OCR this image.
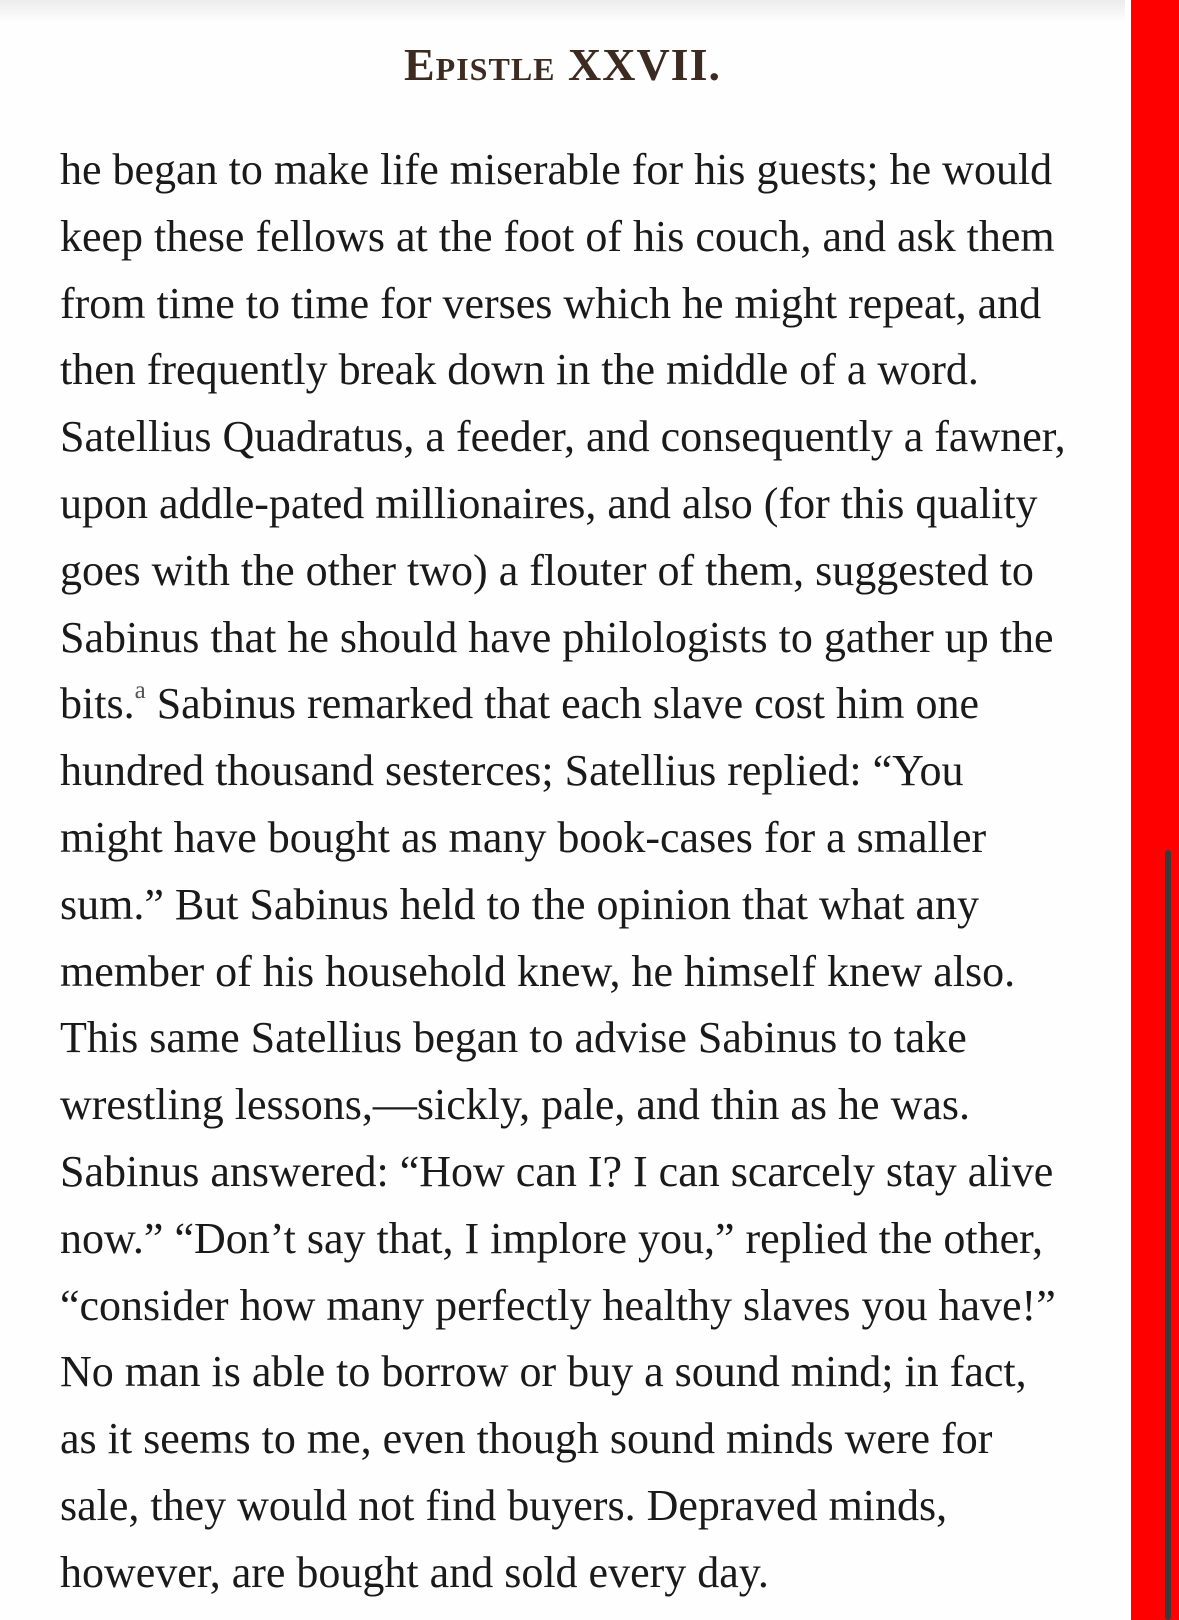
Epistle XXVII.
he began to make life miserable for his guests; he would
keep these fellows at the foot of his couch, and ask them
from time to time for verses which he might repeat, and
then frequently break down in the middle of a word.
Satellius Quadratus, a feeder, and consequently a fawner,
upon addle-pated millionaires, and also (for this quality
goes with the other two) a flouter of them, suggested to
Sabinus that he should have philologists to gather up the
bits.$^a$ Sabinus remarked that each slave cost him one
hundred thousand sesterces; Satellius replied: “You
might have bought as many book-cases for a smaller
sum.” But Sabinus held to the opinion that what any
member of his household knew, he himself knew also.
This same Satellius began to advise Sabinus to take
wrestling lessons,—sickly, pale, and thin as he was.
Sabinus answered: “How can I? I can scarcely stay alive
now.” “Don’t say that, I implore you,” replied the other,
“consider how many perfectly healthy slaves you have!”
No man is able to borrow or buy a sound mind; in fact,
as it seems to me, even though sound minds were for
sale, they would not find buyers. Depraved minds,
however, are bought and sold every day.
